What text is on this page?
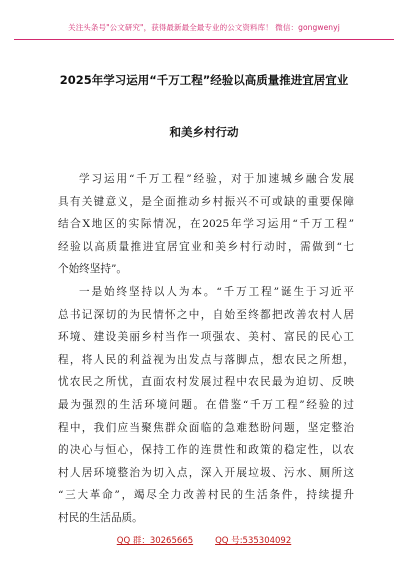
关注头条号"公文研究"，获得最新最全最专业的公文资料库！ 微信：gongwenyj
2025年学习运用“千万工程”经验以高质量推进宜居宜业
和美乡村行动
学习运用“千万工程”经验，对于加速城乡融合发展
具有关键意义，是全面推动乡村振兴不可或缺的重要保障
结合X地区的实际情况，在2025年学习运用“千万工程”
经验以高质量推进宜居宜业和美乡村行动时，需做到“七
个始终坚持”。
一是始终坚持以人为本。“千万工程”诞生于习近平
总书记深切的为民情怀之中，自始至终都把改善农村人居
环境、建设美丽乡村当作一项强农、美村、富民的民心工
程，将人民的利益视为出发点与落脚点，想农民之所想，
忧农民之所忧，直面农村发展过程中农民最为迫切、反映
最为强烈的生活环境问题。在借鉴“千万工程”经验的过
程中，我们应当聚焦群众面临的急难愁盼问题，坚定整治
的决心与恒心，保持工作的连贯性和政策的稳定性，以农
村人居环境整治为切入点，深入开展垃圾、污水、厕所这
“三大革命”，竭尽全力改善村民的生活条件，持续提升
村民的生活品质。
QQ 群：30265665	QQ 号:535304092
